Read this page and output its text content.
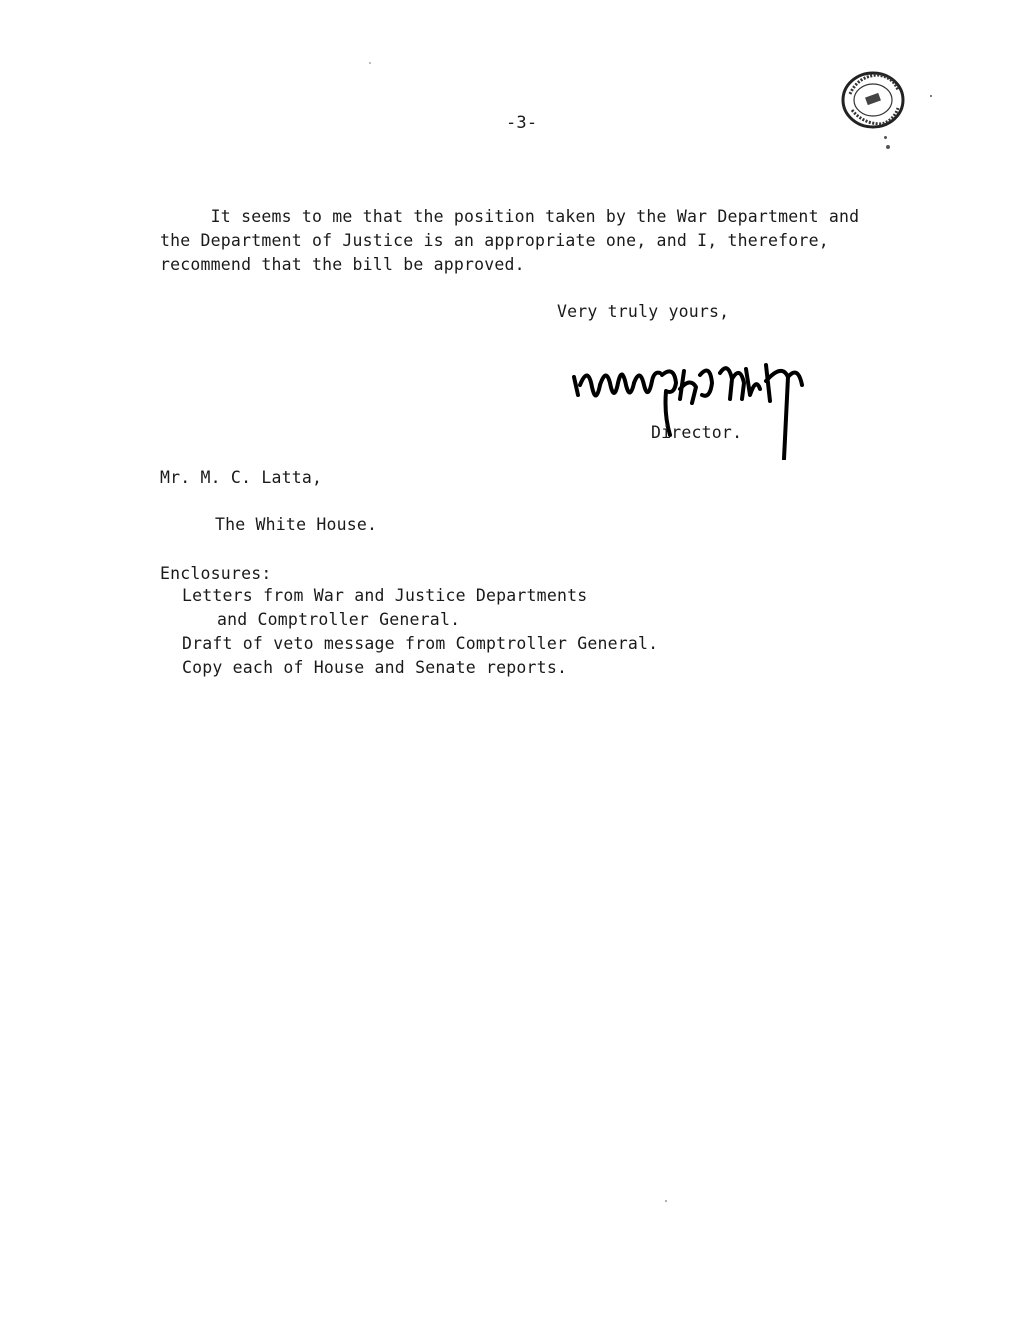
-3-
It seems to me that the position taken by the War Department and
the Department of Justice is an appropriate one, and I, therefore,
recommend that the bill be approved.
Very truly yours,
Director.
Mr. M. C. Latta,
The White House.
Enclosures:
Letters from War and Justice Departments
and Comptroller General.
Draft of veto message from Comptroller General.
Copy each of House and Senate reports.
